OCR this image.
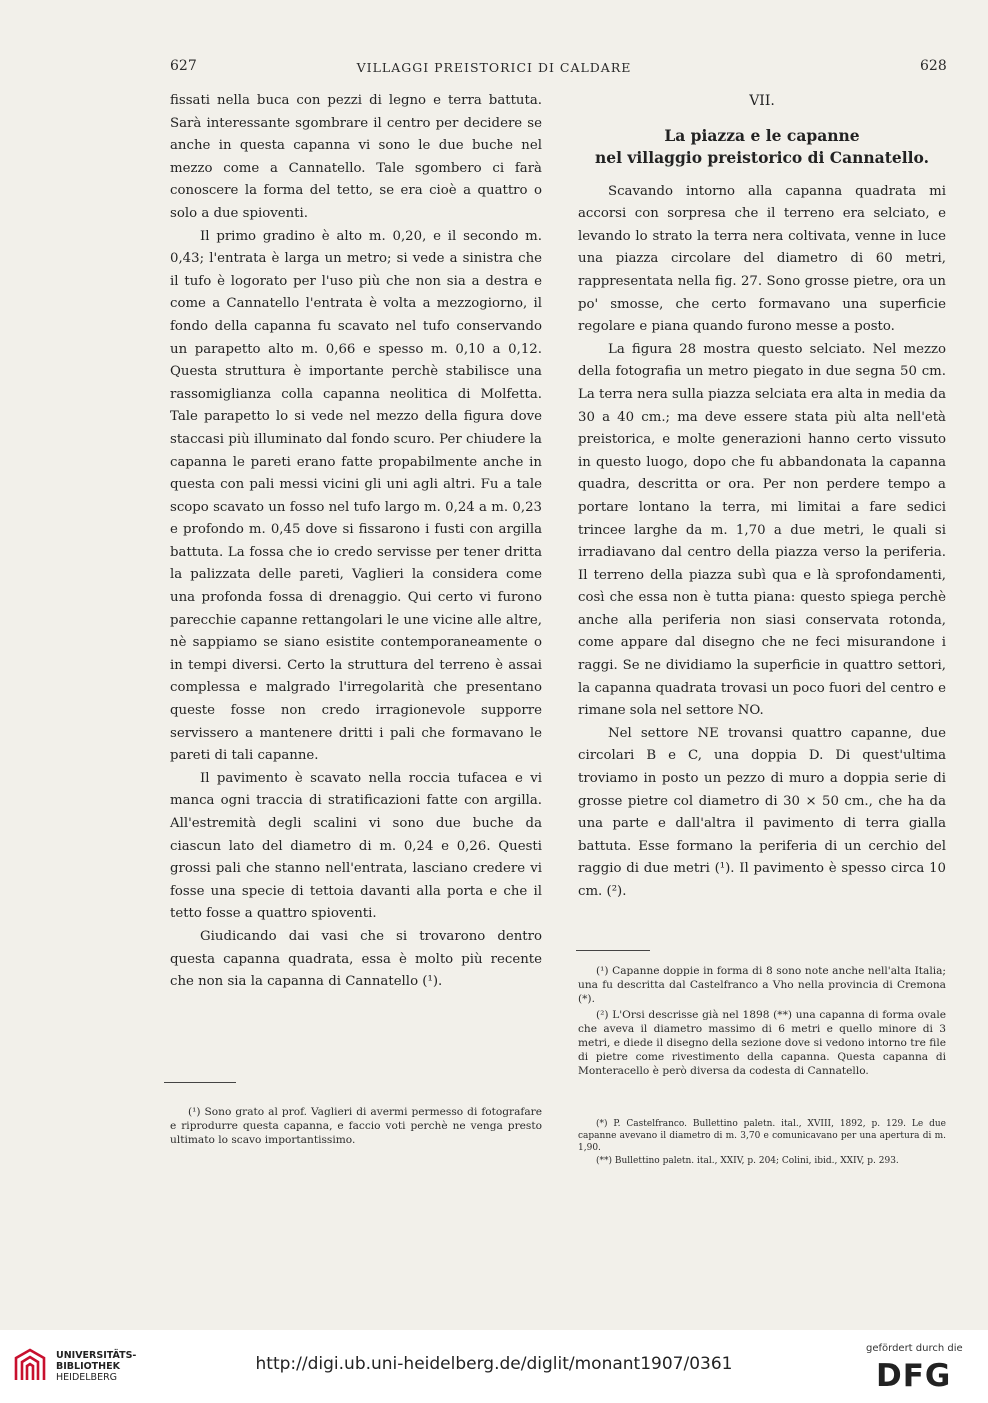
627	VILLAGGI PREISTORICI DI CALDARE	628

fissati nella buca con pezzi di legno e terra battuta. Sarà interessante sgombrare il centro per decidere se anche in questa capanna vi sono le due buche nel mezzo come a Cannatello. Tale sgombero ci farà conoscere la forma del tetto, se era cioè a quattro o solo a due spioventi.

Il primo gradino è alto m. 0,20, e il secondo m. 0,43; l'entrata è larga un metro; si vede a sinistra che il tufo è logorato per l'uso più che non sia a destra e come a Cannatello l'entrata è volta a mezzogiorno, il fondo della capanna fu scavato nel tufo conservando un parapetto alto m. 0,66 e spesso m. 0,10 a 0,12. Questa struttura è importante perchè stabilisce una rassomiglianza colla capanna neolitica di Molfetta. Tale parapetto lo si vede nel mezzo della figura dove staccasi più illuminato dal fondo scuro. Per chiudere la capanna le pareti erano fatte propabilmente anche in questa con pali messi vicini gli uni agli altri. Fu a tale scopo scavato un fosso nel tufo largo m. 0,24 a m. 0,23 e profondo m. 0,45 dove si fissarono i fusti con argilla battuta. La fossa che io credo servisse per tener dritta la palizzata delle pareti, Vaglieri la considera come una profonda fossa di drenaggio. Qui certo vi furono parecchie capanne rettangolari le une vicine alle altre, nè sappiamo se siano esistite contemporaneamente o in tempi diversi. Certo la struttura del terreno è assai complessa e malgrado l'irregolarità che presentano queste fosse non credo irragionevole supporre servissero a mantenere dritti i pali che formavano le pareti di tali capanne.

Il pavimento è scavato nella roccia tufacea e vi manca ogni traccia di stratificazioni fatte con argilla. All'estremità degli scalini vi sono due buche da ciascun lato del diametro di m. 0,24 e 0,26. Questi grossi pali che stanno nell'entrata, lasciano credere vi fosse una specie di tettoia davanti alla porta e che il tetto fosse a quattro spioventi.

Giudicando dai vasi che si trovarono dentro questa capanna quadrata, essa è molto più recente che non sia la capanna di Cannatello (¹).

(¹) Sono grato al prof. Vaglieri di avermi permesso di fotografare e riprodurre questa capanna, e faccio voti perchè ne venga presto ultimato lo scavo importantissimo.

VII.
La piazza e le capanne
nel villaggio preistorico di Cannatello.

Scavando intorno alla capanna quadrata mi accorsi con sorpresa che il terreno era selciato, e levando lo strato la terra nera coltivata, venne in luce una piazza circolare del diametro di 60 metri, rappresentata nella fig. 27. Sono grosse pietre, ora un po' smosse, che certo formavano una superficie regolare e piana quando furono messe a posto.

La figura 28 mostra questo selciato. Nel mezzo della fotografia un metro piegato in due segna 50 cm. La terra nera sulla piazza selciata era alta in media da 30 a 40 cm.; ma deve essere stata più alta nell'età preistorica, e molte generazioni hanno certo vissuto in questo luogo, dopo che fu abbandonata la capanna quadra, descritta or ora. Per non perdere tempo a portare lontano la terra, mi limitai a fare sedici trincee larghe da m. 1,70 a due metri, le quali si irradiavano dal centro della piazza verso la periferia. Il terreno della piazza subì qua e là sprofondamenti, così che essa non è tutta piana: questo spiega perchè anche alla periferia non siasi conservata rotonda, come appare dal disegno che ne feci misurandone i raggi. Se ne dividiamo la superficie in quattro settori, la capanna quadrata trovasi un poco fuori del centro e rimane sola nel settore NO.

Nel settore NE trovansi quattro capanne, due circolari B e C, una doppia D. Di quest'ultima troviamo in posto un pezzo di muro a doppia serie di grosse pietre col diametro di 30 × 50 cm., che ha da una parte e dall'altra il pavimento di terra gialla battuta. Esse formano la periferia di un cerchio del raggio di due metri (¹). Il pavimento è spesso circa 10 cm. (²).

(¹) Capanne doppie in forma di 8 sono note anche nell'alta Italia; una fu descritta dal Castelfranco a Vho nella provincia di Cremona (*).

(²) L'Orsi descrisse già nel 1898 (**) una capanna di forma ovale che aveva il diametro massimo di 6 metri e quello minore di 3 metri, e diede il disegno della sezione dove si vedono intorno tre file di pietre come rivestimento della capanna. Questa capanna di Monteracello è però diversa da codesta di Cannatello.

(*) P. Castelfranco. Bullettino paletn. ital., XVIII, 1892, p. 129. Le due capanne avevano il diametro di m. 3,70 e comunicavano per una apertura di m. 1,90.

(**) Bullettino paletn. ital., XXIV, p. 204; Colini, ibid., XXIV, p. 293.

UNIVERSITÄTS-
BIBLIOTHEK
HEIDELBERG
http://digi.ub.uni-heidelberg.de/diglit/monant1907/0361
gefördert durch die
DFG
